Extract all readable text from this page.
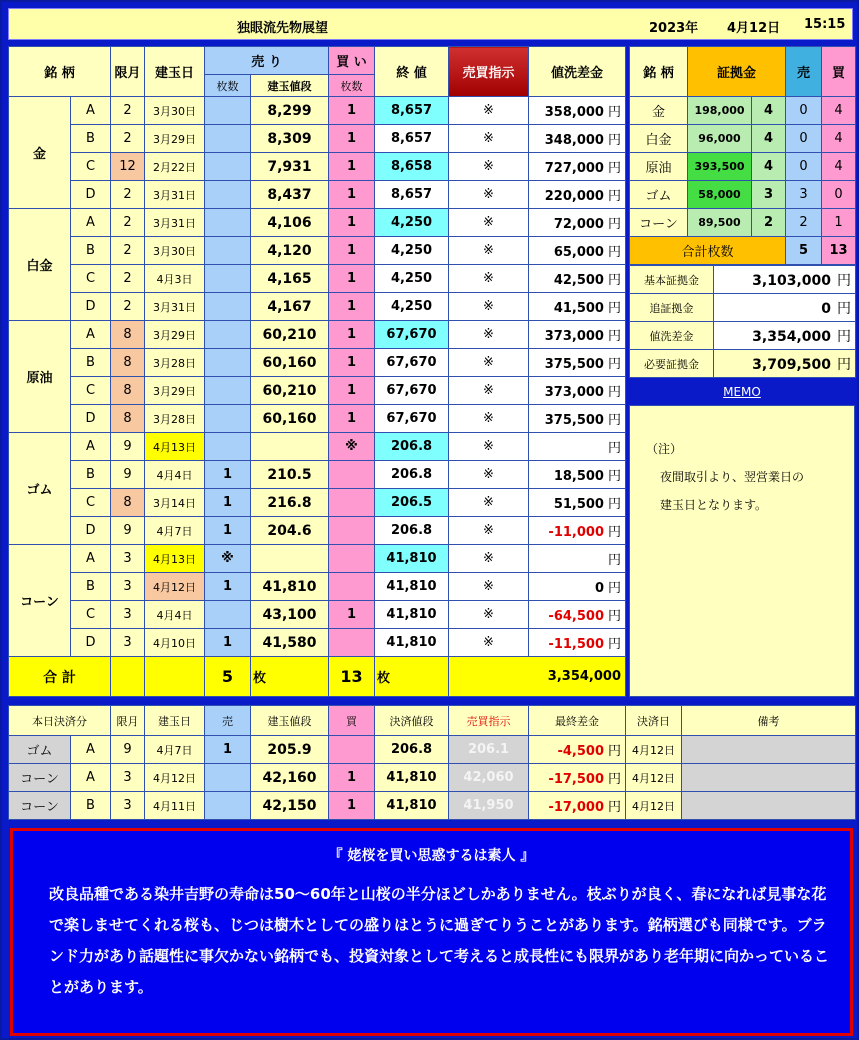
独眼流先物展望	2023年 4月12日 15:15
銘 柄		限月	建玉日	売 り		買 い	終 値	売買指示	値洗差金	
				枚数	建玉値段	枚数				
金	A	2	3月30日		8,299	1	8,657	※	358,000 円	
	B	2	3月29日		8,309	1	8,657	※	348,000 円	
	C	12	2月22日		7,931	1	8,658	※	727,000 円	
	D	2	3月31日		8,437	1	8,657	※	220,000 円	
白金	A	2	3月31日		4,106	1	4,250	※	72,000 円	
	B	2	3月30日		4,120	1	4,250	※	65,000 円	
	C	2	4月3日		4,165	1	4,250	※	42,500 円	
	D	2	3月31日		4,167	1	4,250	※	41,500 円	
原油	A	8	3月29日		60,210	1	67,670	※	373,000 円	
	B	8	3月28日		60,160	1	67,670	※	375,500 円	
	C	8	3月29日		60,210	1	67,670	※	373,000 円	
	D	8	3月28日		60,160	1	67,670	※	375,500 円	
ゴム	A	9	4月13日			※	206.8	※	円	
	B	9	4月4日	1	210.5		206.8	※	18,500 円	
	C	8	3月14日	1	216.8		206.5	※	51,500 円	
	D	9	4月7日	1	204.6		206.8	※	-11,000 円	
コーン	A	3	4月13日	※			41,810	※	円	
	B	3	4月12日	1	41,810		41,810	※	0 円	
	C	3	4月4日		43,100	1	41,810	※	-64,500 円	
	D	3	4月10日	1	41,580		41,810	※	-11,500 円	
合 計				5	枚	13	枚	3,354,000	
銘 柄	証拠金		売	買
金	198,000	4	0	4
白金	96,000	4	0	4
原油	393,500	4	0	4
ゴム	58,000	3	3	0
コーン	89,500	2	2	1
合計枚数			5	13
基本証拠金	3,103,000 円
追証拠金	0 円
値洗差金	3,354,000 円
必要証拠金	3,709,500 円
MEMO
（注）
夜間取引より、翌営業日の
建玉日となります。
本日決済分		限月	建玉日	売	建玉値段	買	決済値段	売買指示	最終差金	決済日	備考
ゴム	A	9	4月7日	1	205.9		206.8	206.1	-4,500 円	4月12日	
コーン	A	3	4月12日		42,160	1	41,810	42,060	-17,500 円	4月12日	
コーン	B	3	4月11日		42,150	1	41,810	41,950	-17,000 円	4月12日	
『 姥桜を買い思惑するは素人 』
改良品種である染井吉野の寿命は50～60年と山桜の半分ほどしかありません。枝ぶりが良く、春になれば見事な花で楽しませてくれる桜も、じつは樹木としての盛りはとうに過ぎてりうことがあります。銘柄選びも同様です。ブランド力があり話題性に事欠かない銘柄でも、投資対象として考えると成長性にも限界があり老年期に向かっていることがあります。
